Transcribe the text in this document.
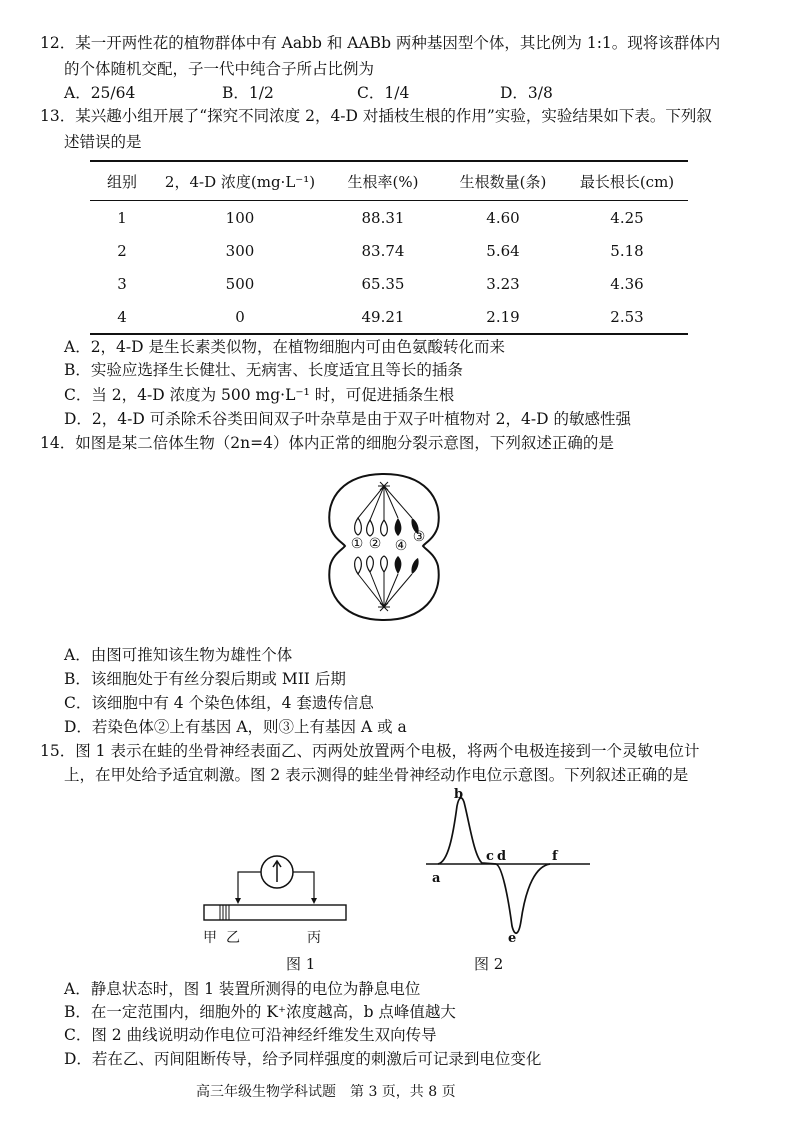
12．某一开两性花的植物群体中有 Aabb 和 AABb 两种基因型个体，其比例为 1:1。现将该群体内
的个体随机交配，子一代中纯合子所占比例为
A．25/64	B．1/2	C．1/4	D．3/8
13．某兴趣小组开展了“探究不同浓度 2，4-D 对插枝生根的作用”实验，实验结果如下表。下列叙
述错误的是
组别	2，4-D 浓度(mg·L⁻¹)	生根率(%)	生根数量(条)	最长根长(cm)
1	100	88.31	4.60	4.25
2	300	83.74	5.64	5.18
3	500	65.35	3.23	4.36
4	0	49.21	2.19	2.53
A．2，4-D 是生长素类似物，在植物细胞内可由色氨酸转化而来
B．实验应选择生长健壮、无病害、长度适宜且等长的插条
C．当 2，4-D 浓度为 500 mg·L⁻¹ 时，可促进插条生根
D．2，4-D 可杀除禾谷类田间双子叶杂草是由于双子叶植物对 2，4-D 的敏感性强
14．如图是某二倍体生物（2n=4）体内正常的细胞分裂示意图，下列叙述正确的是
① ② ④
③
A．由图可推知该生物为雄性个体
B．该细胞处于有丝分裂后期或 MII 后期
C．该细胞中有 4 个染色体组，4 套遗传信息
D．若染色体②上有基因 A，则③上有基因 A 或 a
15．图 1 表示在蛙的坐骨神经表面乙、丙两处放置两个电极，将两个电极连接到一个灵敏电位计
上，在甲处给予适宜刺激。图 2 表示测得的蛙坐骨神经动作电位示意图。下列叙述正确的是
甲 乙	丙
图 1
a
b
c d
e
f
图 2
A．静息状态时，图 1 装置所测得的电位为静息电位
B．在一定范围内，细胞外的 K⁺浓度越高，b 点峰值越大
C．图 2 曲线说明动作电位可沿神经纤维发生双向传导
D．若在乙、丙间阻断传导，给予同样强度的刺激后可记录到电位变化
高三年级生物学科试题　第 3 页，共 8 页
